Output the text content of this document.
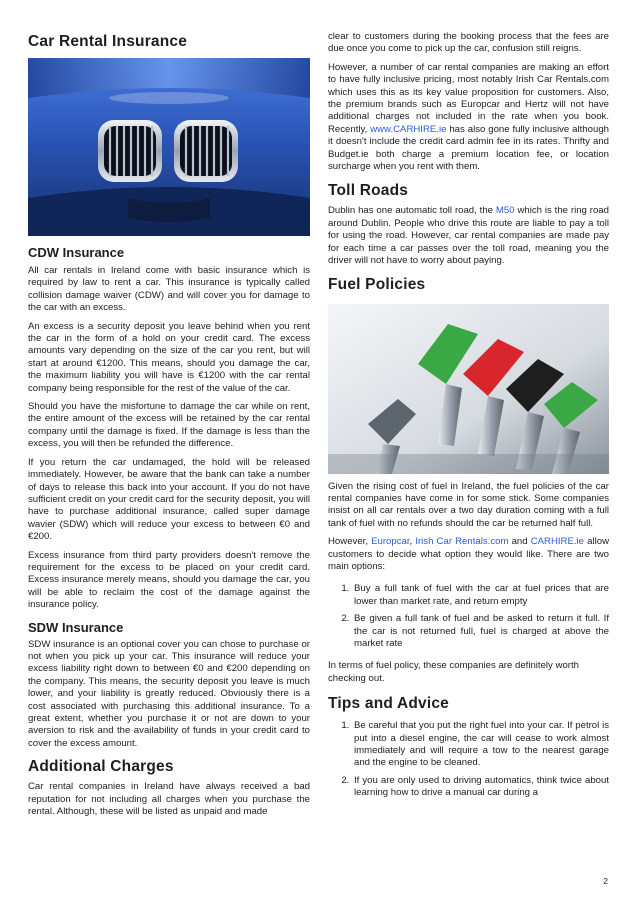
Car Rental Insurance
CDW Insurance

All car rentals in Ireland come with basic insurance which is required by law to rent a car. This insurance is typically called collision damage waiver (CDW) and will cover you for damage to the car with an excess.

An excess is a security deposit you leave behind when you rent the car in the form of a hold on your credit card. The excess amounts vary depending on the size of the car you rent, but will start at around €1200. This means, should you damage the car, the maximum liability you will have is €1200 with the car rental company being responsible for the rest of the value of the car.

Should you have the misfortune to damage the car while on rent, the entire amount of the excess will be retained by the car rental company until the damage is fixed. If the damage is less than the excess, you will then be refunded the difference.

If you return the car undamaged, the hold will be released immediately. However, be aware that the bank can take a number of days to release this back into your account. If you do not have sufficient credit on your credit card for the security deposit, you will have to purchase additional insurance, called super damage wavier (SDW) which will reduce your excess to between €0 and €200.

Excess insurance from third party providers doesn't remove the requirement for the excess to be placed on your credit card. Excess insurance merely means, should you damage the car, you will be able to reclaim the cost of the damage against the insurance policy.

SDW Insurance

SDW insurance is an optional cover you can chose to purchase or not when you pick up your car. This insurance will reduce your excess liability right down to between €0 and €200 depending on the company. This means, the security deposit you leave is much lower, and your liability is greatly reduced. Obviously there is a cost associated with purchasing this additional insurance. To a great extent, whether you purchase it or not are down to your aversion to risk and the availability of funds in your credit card to cover the excess amount.

Additional Charges

Car rental companies in Ireland have always received a bad reputation for not including all charges when you purchase the rental. Although, these will be listed as unpaid and made

clear to customers during the booking process that the fees are due once you come to pick up the car, confusion still reigns.

However, a number of car rental companies are making an effort to have fully inclusive pricing, most notably Irish Car Rentals.com which uses this as its key value proposition for customers. Also, the premium brands such as Europcar and Hertz will not have additional charges not included in the rate when you book. Recently, www.CARHIRE.ie has also gone fully inclusive although it doesn't include the credit card admin fee in its rates. Thrifty and Budget.ie both charge a premium location fee, or location surcharge when you rent with them.

Toll Roads

Dublin has one automatic toll road, the M50 which is the ring road around Dublin. People who drive this route are liable to pay a toll for using the road. However, car rental companies are made pay for each time a car passes over the toll road, meaning you the driver will not have to worry about paying.

Fuel Policies

Given the rising cost of fuel in Ireland, the fuel policies of the car rental companies have come in for some stick. Some companies insist on all car rentals over a two day duration coming with a full tank of fuel with no refunds should the car be returned half full.

However, Europcar, Irish Car Rentals.com and CARHIRE.ie allow customers to decide what option they would like. There are two main options:

1. Buy a full tank of fuel with the car at fuel prices that are lower than market rate, and return empty
2. Be given a full tank of fuel and be asked to return it full. If the car is not returned full, fuel is charged at above the market rate

In terms of fuel policy, these companies are definitely worth checking out.

Tips and Advice
1. Be careful that you put the right fuel into your car. If petrol is put into a diesel engine, the car will cease to work almost immediately and will require a tow to the nearest garage and the engine to be cleaned.
2. If you are only used to driving automatics, think twice about learning how to drive a manual car during a
2
